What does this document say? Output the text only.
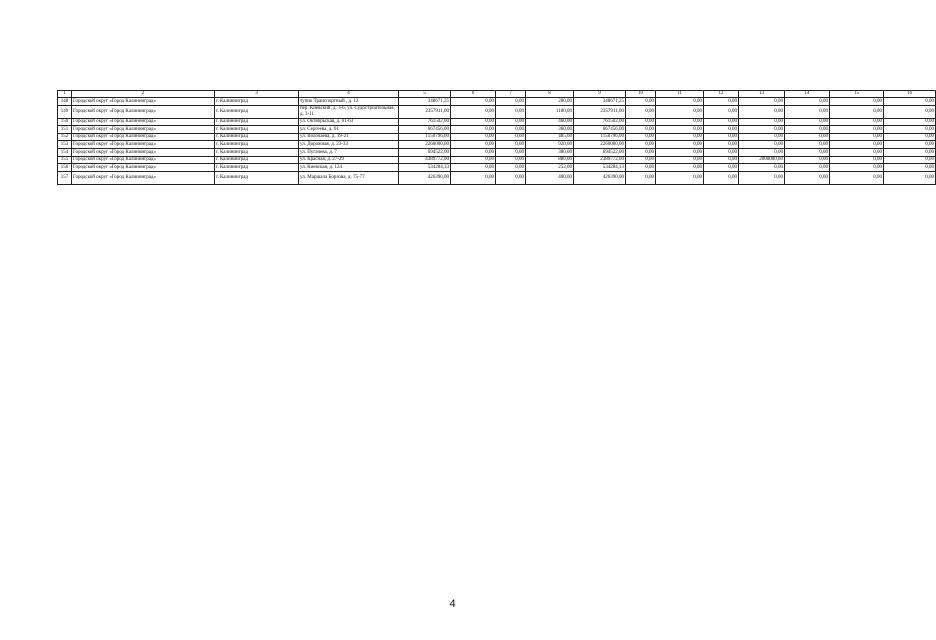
1	2	3	4	5	6	7	8	9	10	11	12	13	14	15	16
148	Городской округ «Город Калининград»	г. Калининград	тупик Транспортный , д. 12	348671,25	0,00	0,00	280,00	348671,25	0,00	0,00	0,00	0,00	0,00	0,00	0,00
149	Городской округ «Город Калининград»	г. Калининград	пер. Киевский, д. 3-6, ул. Судостроительная, д. 3-11	2357911,00	0,00	0,00	1180,00	2357911,00	0,00	0,00	0,00	0,00	0,00	0,00	0,00
150	Городской округ «Город Калининград»	г. Калининград	ул. Октябрьская, д. 61-63	761502,00	0,00	0,00	460,00	761502,00	0,00	0,00	0,00	0,00	0,00	0,00	0,00
151	Городской округ «Город Калининград»	г. Калининград	ул. Сергеева, д. 61	667456,00	0,00	0,00	360,00	667456,00	0,00	0,00	0,00	0,00	0,00	0,00	0,00
152	Городской округ «Город Калининград»	г. Калининград	ул. Волочаева, д. 19-21	1150796,00	0,00	0,00	485,00	1150796,00	0,00	0,00	0,00	0,00	0,00	0,00	0,00
153	Городской округ «Город Калининград»	г. Калининград	ул. Дорожная, д. 23-33	2260000,00	0,00	0,00	920,00	2260000,00	0,00	0,00	0,00	0,00	0,00	0,00	0,00
154	Городской округ «Город Калининград»	г. Калининград	ул. Пугачева, д. 7	694522,00	0,00	0,00	380,00	694522,00	0,00	0,00	0,00	0,00	0,00	0,00	0,00
155	Городской округ «Город Калининград»	г. Калининград	ул. Красная, д. 27-29	4389772,00	0,00	0,00	880,00	2389772,00	0,00	0,00	0,00	2000000,00	0,00	0,00	0,00
156	Городской округ «Город Калининград»	г. Калининград	ул. Киевская, д. 124	534284,13	0,00	0,00	252,00	534284,13	0,00	0,00	0,00	0,00	0,00	0,00	0,00
157	Городской округ «Город Калининград»	г. Калининград	ул. Маршала Борзова, д. 75-77	426390,00	0,00	0,00	400,00	426390,00	0,00	0,00	0,00	0,00	0,00	0,00	0,00
4
